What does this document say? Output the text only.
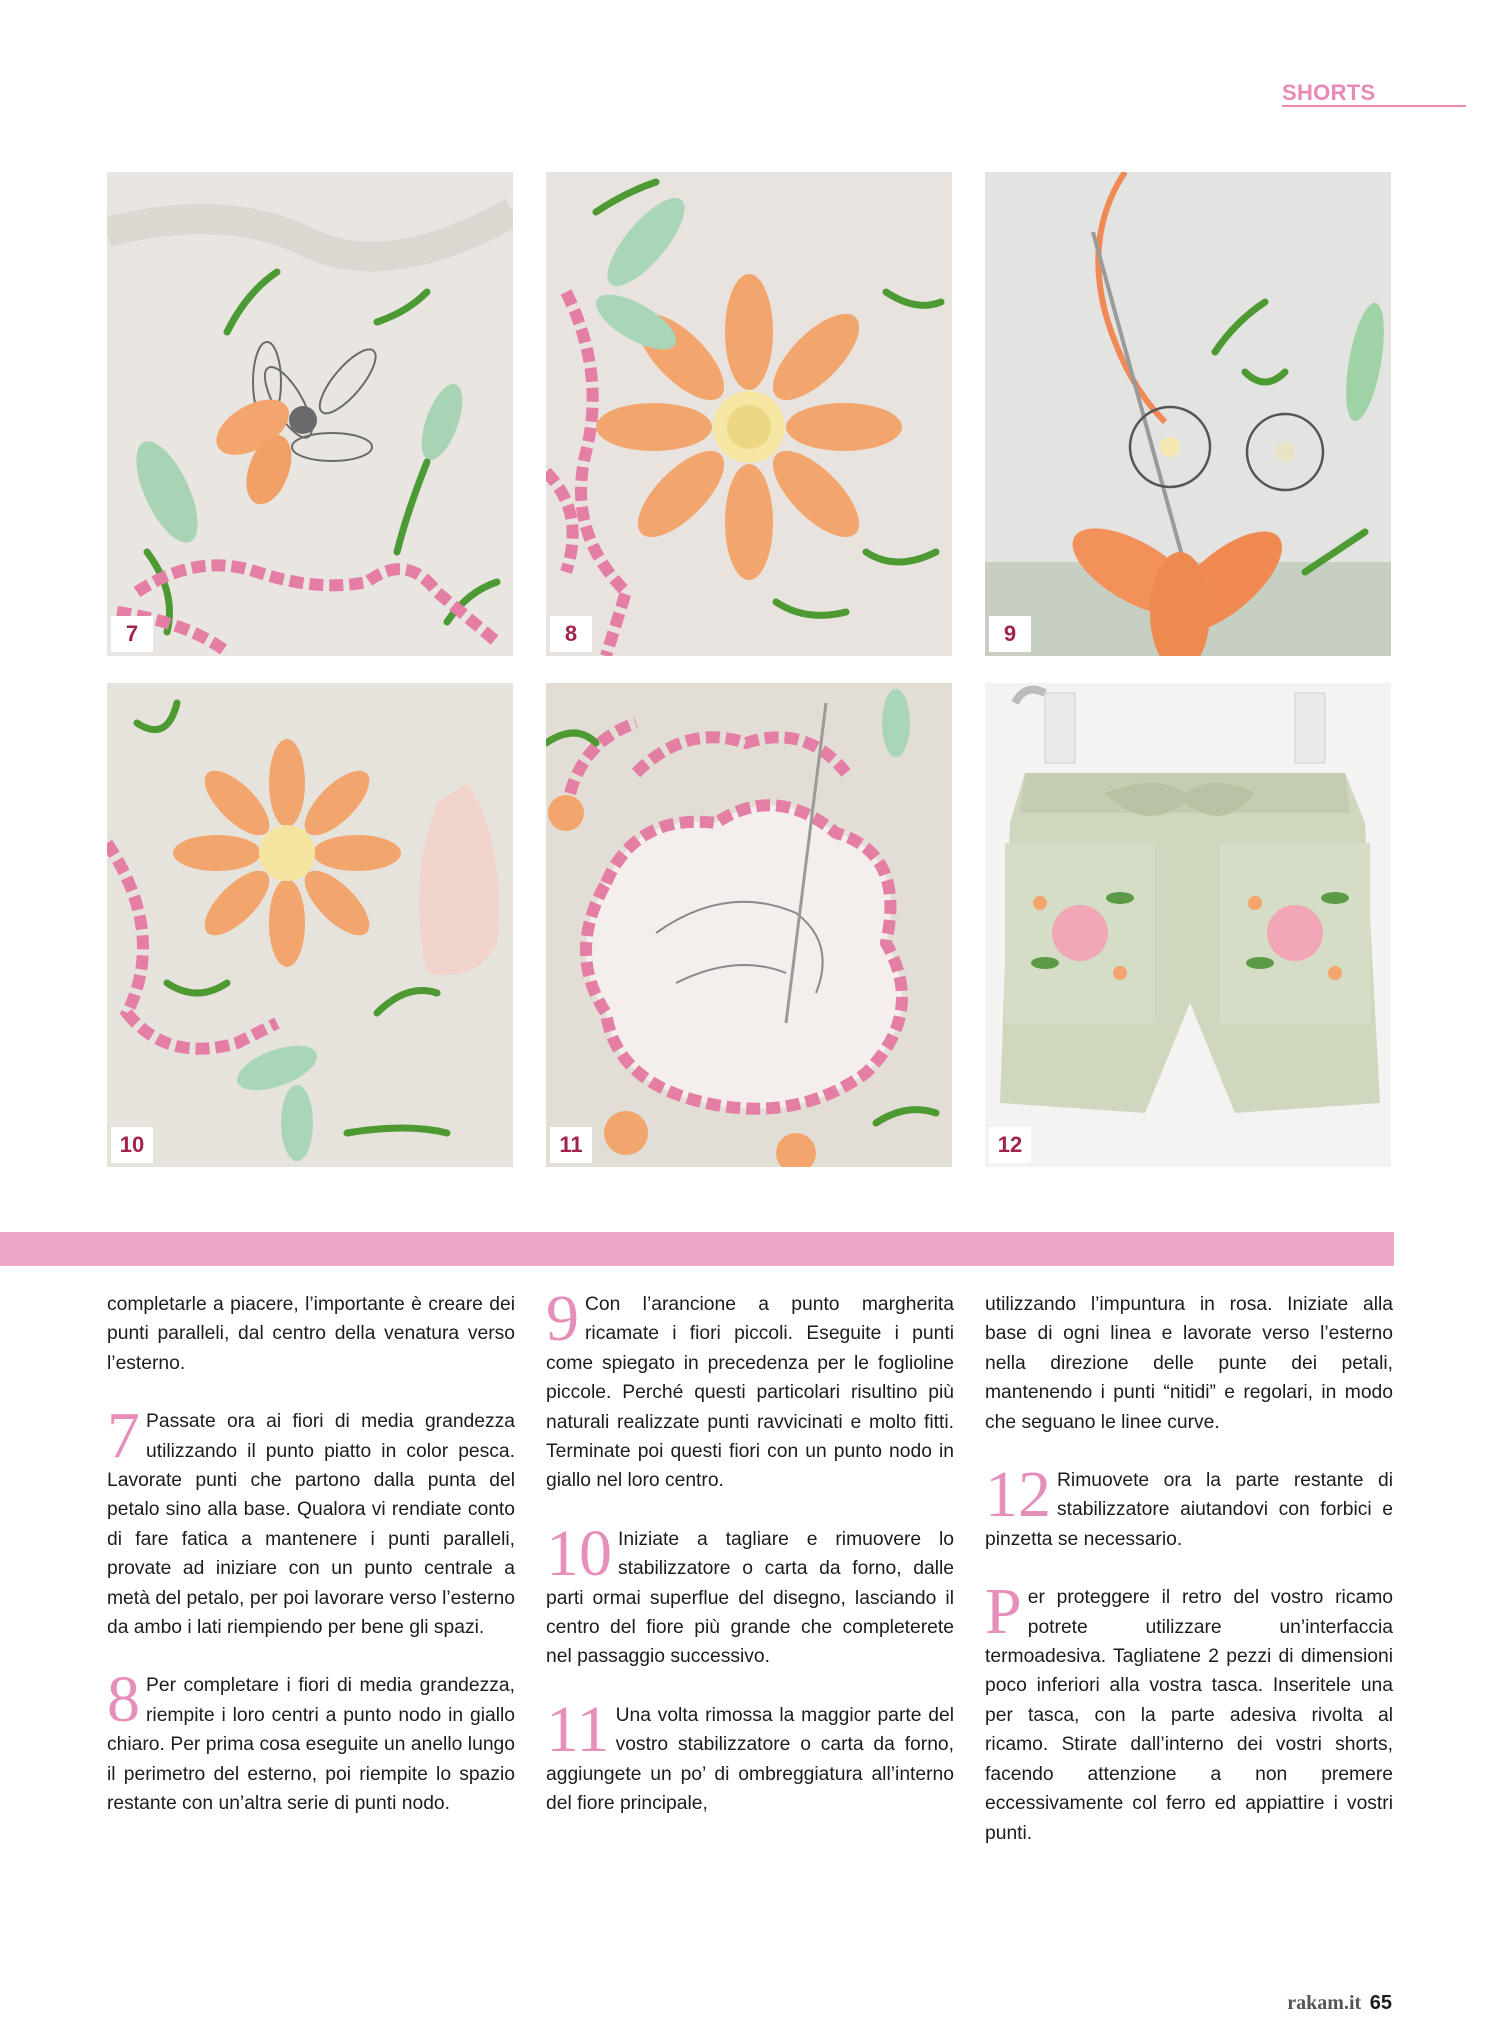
SHORTS
7	8	9
10	11	12

completarle a piacere, l’importante è creare dei punti paralleli, dal centro della venatura verso l’esterno.

7 Passate ora ai fiori di media grandezza utilizzando il punto piatto in color pesca. Lavorate punti che partono dalla punta del petalo sino alla base. Qualora vi rendiate conto di fare fatica a mantenere i punti paralleli, provate ad iniziare con un punto centrale a metà del petalo, per poi lavorare verso l’esterno da ambo i lati riempiendo per bene gli spazi.

8 Per completare i fiori di media grandezza, riempite i loro centri a punto nodo in giallo chiaro. Per prima cosa eseguite un anello lungo il perimetro del esterno, poi riempite lo spazio restante con un’altra serie di punti nodo.

9 Con l’arancione a punto margherita ricamate i fiori piccoli. Eseguite i punti come spiegato in precedenza per le foglioline piccole. Perché questi particolari risultino più naturali realizzate punti ravvicinati e molto fitti. Terminate poi questi fiori con un punto nodo in giallo nel loro centro.

10 Iniziate a tagliare e rimuovere lo stabilizzatore o carta da forno, dalle parti ormai superflue del disegno, lasciando il centro del fiore più grande che completerete nel passaggio successivo.

11 Una volta rimossa la maggior parte del vostro stabilizzatore o carta da forno, aggiungete un po’ di ombreggiatura all’interno del fiore principale,

utilizzando l’impuntura in rosa. Iniziate alla base di ogni linea e lavorate verso l’esterno nella direzione delle punte dei petali, mantenendo i punti “nitidi” e regolari, in modo che seguano le linee curve.

12 Rimuovete ora la parte restante di stabilizzatore aiutandovi con forbici e pinzetta se necessario.

P er proteggere il retro del vostro ricamo potrete utilizzare un’interfaccia termoadesiva. Tagliatene 2 pezzi di dimensioni poco inferiori alla vostra tasca. Inseritele una per tasca, con la parte adesiva rivolta al ricamo. Stirate dall’interno dei vostri shorts, facendo attenzione a non premere eccessivamente col ferro ed appiattire i vostri punti.

rakam.it 65
